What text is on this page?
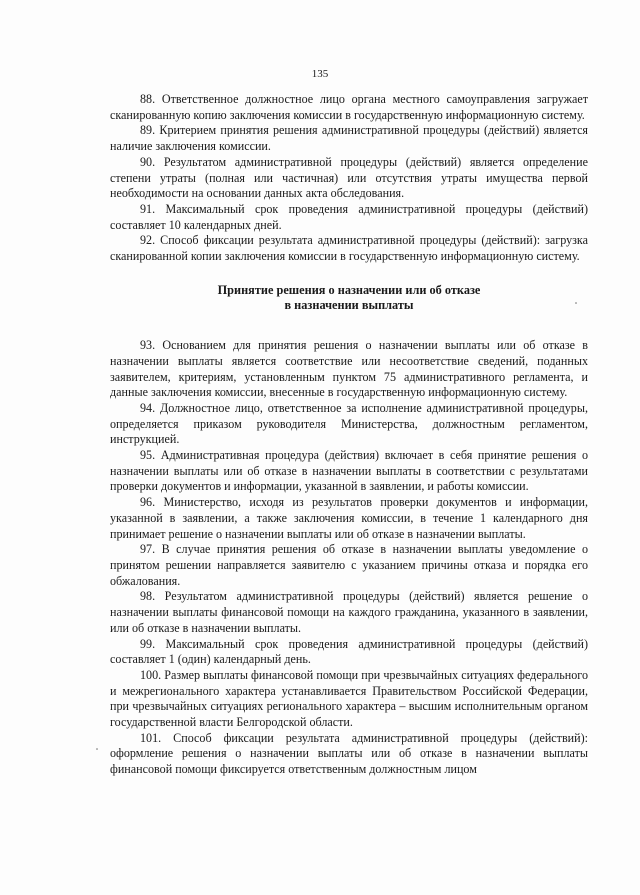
135

88. Ответственное должностное лицо органа местного самоуправления загружает сканированную копию заключения комиссии в государственную информационную систему.

89. Критерием принятия решения административной процедуры (действий) является наличие заключения комиссии.

90. Результатом административной процедуры (действий) является определение степени утраты (полная или частичная) или отсутствия утраты имущества первой необходимости на основании данных акта обследования.

91. Максимальный срок проведения административной процедуры (действий) составляет 10 календарных дней.

92. Способ фиксации результата административной процедуры (действий): загрузка сканированной копии заключения комиссии в государственную информационную систему.

Принятие решения о назначении или об отказе
в назначении выплаты

93. Основанием для принятия решения о назначении выплаты или об отказе в назначении выплаты является соответствие или несоответствие сведений, поданных заявителем, критериям, установленным пунктом 75 административного регламента, и данные заключения комиссии, внесенные в государственную информационную систему.

94. Должностное лицо, ответственное за исполнение административной процедуры, определяется приказом руководителя Министерства, должностным регламентом, инструкцией.

95. Административная процедура (действия) включает в себя принятие решения о назначении выплаты или об отказе в назначении выплаты в соответствии с результатами проверки документов и информации, указанной в заявлении, и работы комиссии.

96. Министерство, исходя из результатов проверки документов и информации, указанной в заявлении, а также заключения комиссии, в течение 1 календарного дня принимает решение о назначении выплаты или об отказе в назначении выплаты.

97. В случае принятия решения об отказе в назначении выплаты уведомление о принятом решении направляется заявителю с указанием причины отказа и порядка его обжалования.

98. Результатом административной процедуры (действий) является решение о назначении выплаты финансовой помощи на каждого гражданина, указанного в заявлении, или об отказе в назначении выплаты.

99. Максимальный срок проведения административной процедуры (действий) составляет 1 (один) календарный день.

100. Размер выплаты финансовой помощи при чрезвычайных ситуациях федерального и межрегионального характера устанавливается Правительством Российской Федерации, при чрезвычайных ситуациях регионального характера – высшим исполнительным органом государственной власти Белгородской области.

101. Способ фиксации результата административной процедуры (действий): оформление решения о назначении выплаты или об отказе в назначении выплаты финансовой помощи фиксируется ответственным должностным лицом
